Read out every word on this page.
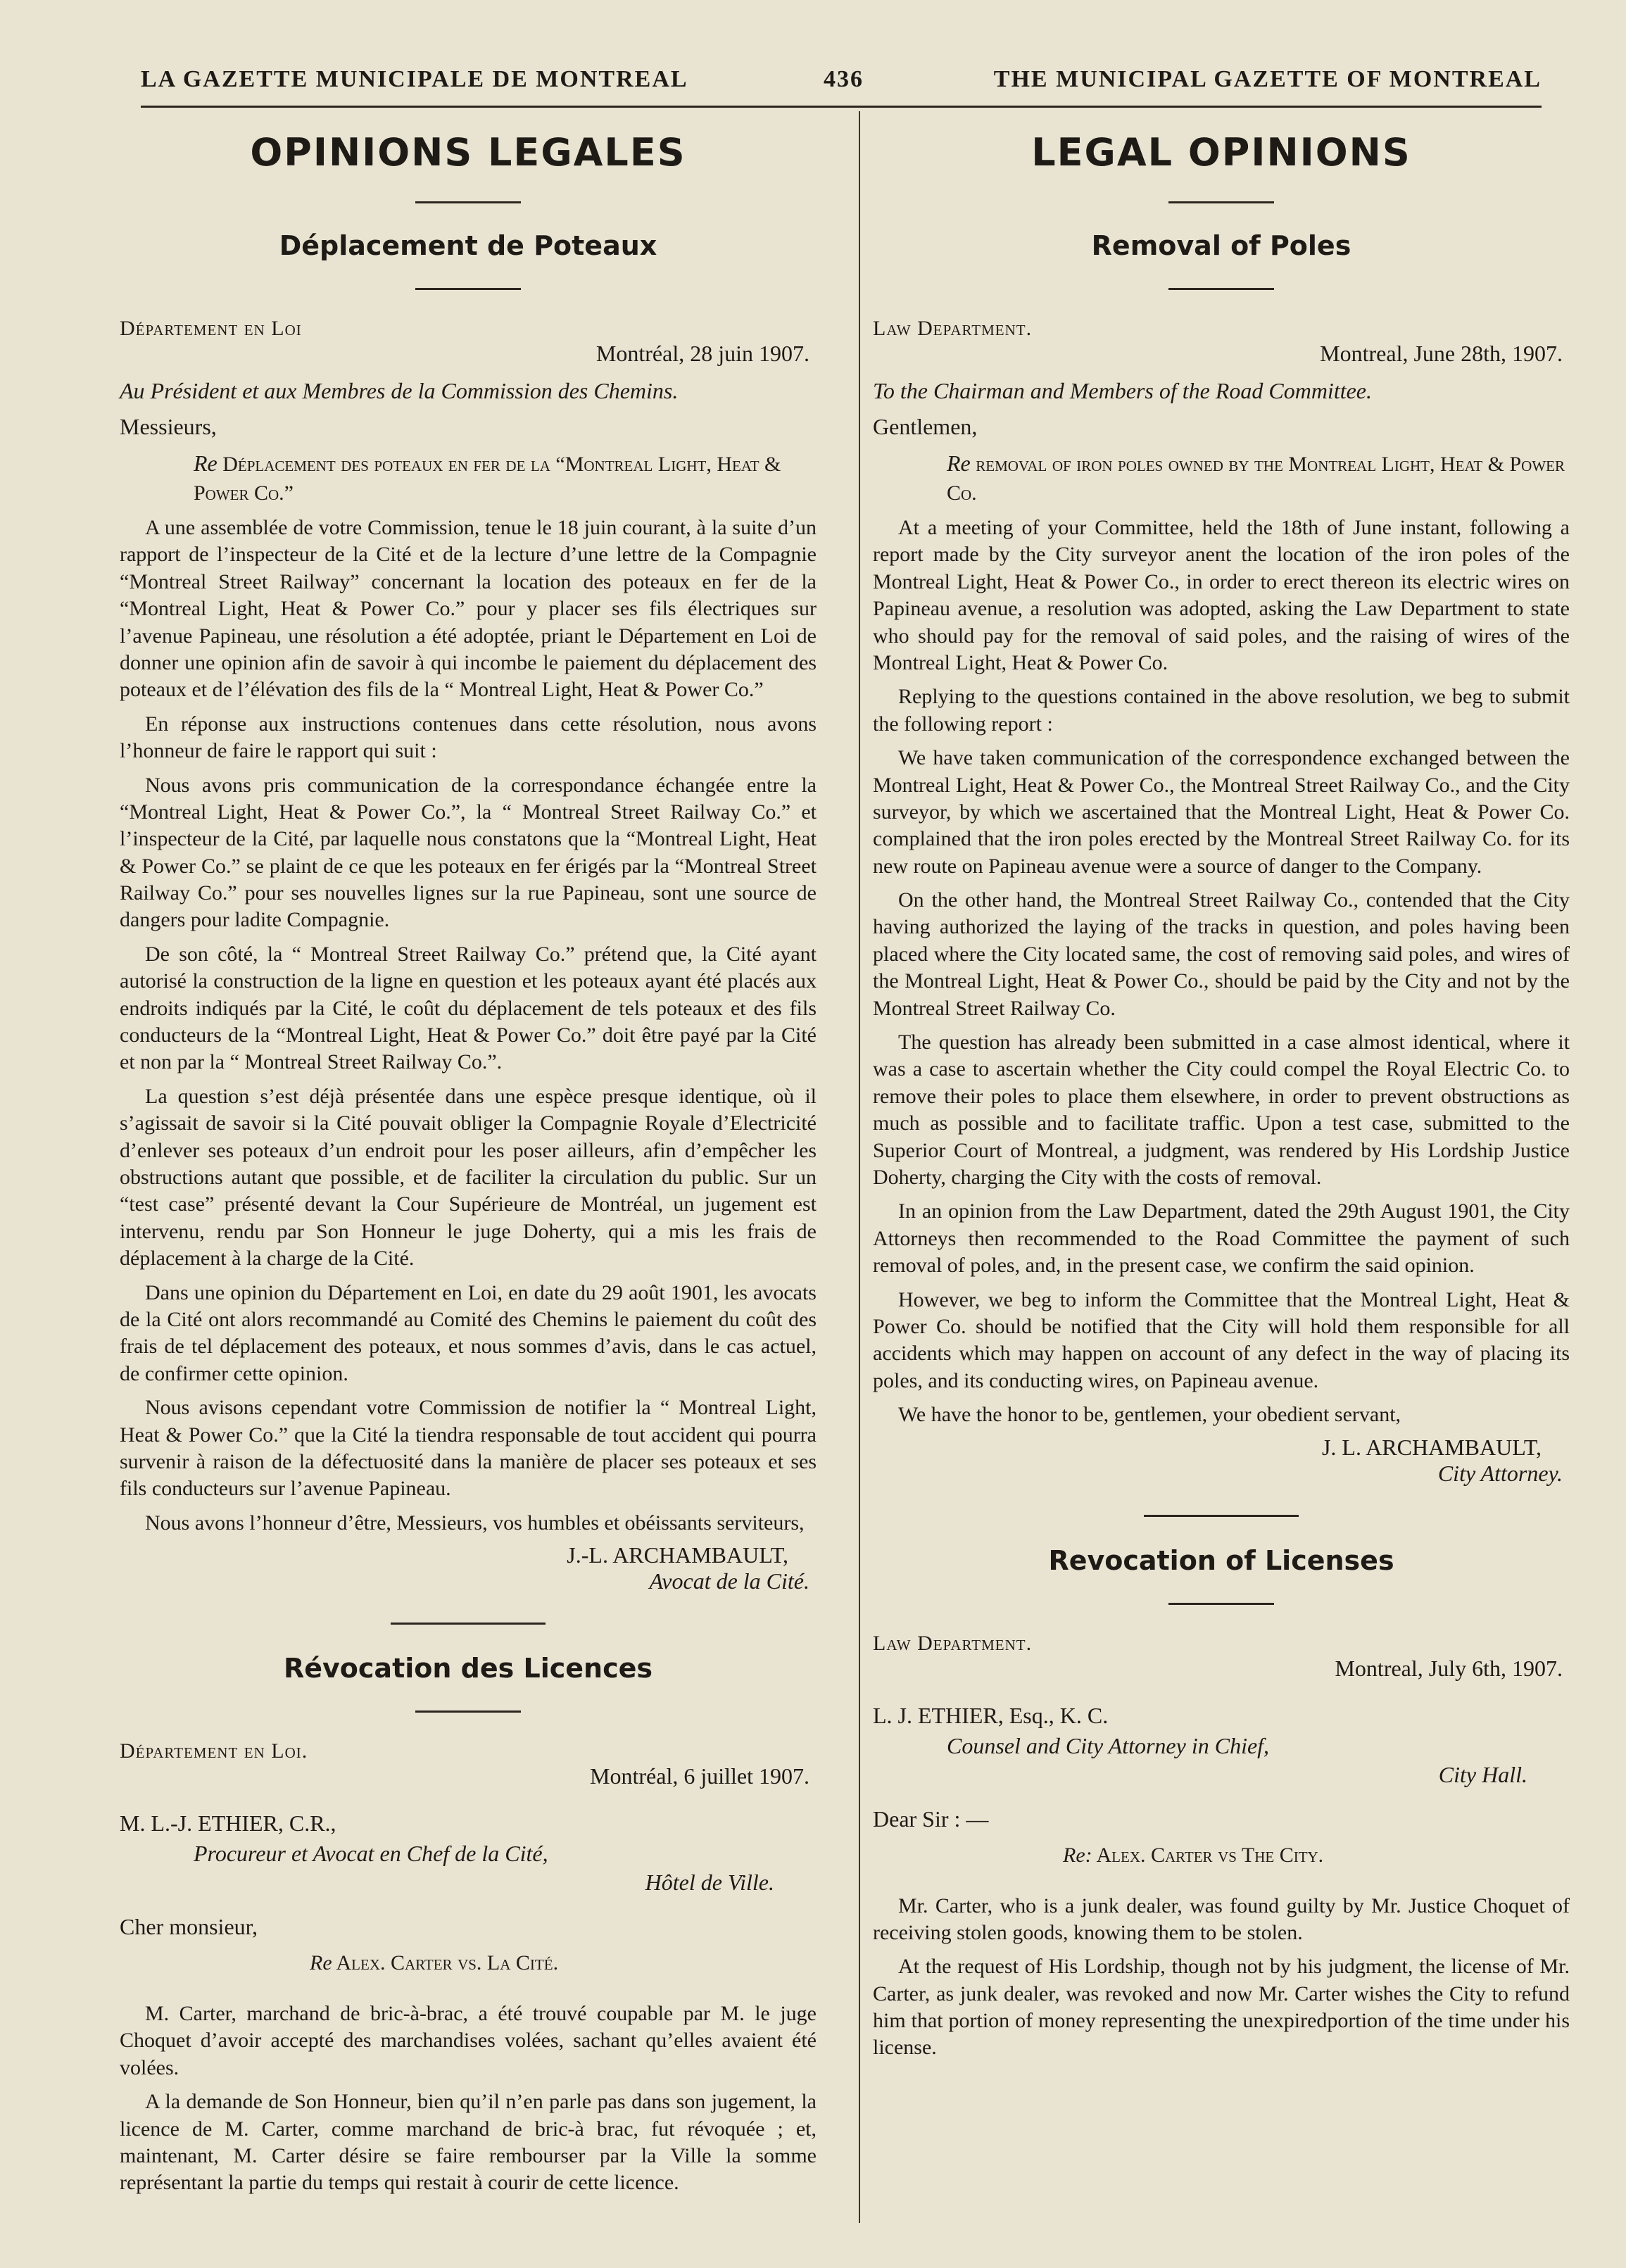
LA GAZETTE MUNICIPALE DE MONTREAL	436	THE MUNICIPAL GAZETTE OF MONTREAL
OPINIONS LEGALES
Déplacement de Poteaux
Département en Loi
Montréal, 28 juin 1907.
Au Président et aux Membres de la Commission des Chemins.
Messieurs,
Re Déplacement des poteaux en fer de la “Montreal Light, Heat & Power Co.”

A une assemblée de votre Commission, tenue le 18 juin courant, à la suite d’un rapport de l’inspecteur de la Cité et de la lecture d’une lettre de la Compagnie “Montreal Street Railway” concernant la location des poteaux en fer de la “Montreal Light, Heat & Power Co.” pour y placer ses fils électriques sur l’avenue Papineau, une résolution a été adoptée, priant le Département en Loi de donner une opinion afin de savoir à qui incombe le paiement du déplacement des poteaux et de l’élévation des fils de la “ Montreal Light, Heat & Power Co.”

En réponse aux instructions contenues dans cette résolution, nous avons l’honneur de faire le rapport qui suit :

Nous avons pris communication de la correspondance échangée entre la “Montreal Light, Heat & Power Co.”, la “ Montreal Street Railway Co.” et l’inspecteur de la Cité, par laquelle nous constatons que la “Montreal Light, Heat & Power Co.” se plaint de ce que les poteaux en fer érigés par la “Montreal Street Railway Co.” pour ses nouvelles lignes sur la rue Papineau, sont une source de dangers pour ladite Compagnie.

De son côté, la “ Montreal Street Railway Co.” prétend que, la Cité ayant autorisé la construction de la ligne en question et les poteaux ayant été placés aux endroits indiqués par la Cité, le coût du déplacement de tels poteaux et des fils conducteurs de la “Montreal Light, Heat & Power Co.” doit être payé par la Cité et non par la “ Montreal Street Railway Co.”.

La question s’est déjà présentée dans une espèce presque identique, où il s’agissait de savoir si la Cité pouvait obliger la Compagnie Royale d’Electricité d’enlever ses poteaux d’un endroit pour les poser ailleurs, afin d’empêcher les obstructions autant que possible, et de faciliter la circulation du public. Sur un “test case” présenté devant la Cour Supérieure de Montréal, un jugement est intervenu, rendu par Son Honneur le juge Doherty, qui a mis les frais de déplacement à la charge de la Cité.

Dans une opinion du Département en Loi, en date du 29 août 1901, les avocats de la Cité ont alors recommandé au Comité des Chemins le paiement du coût des frais de tel déplacement des poteaux, et nous sommes d’avis, dans le cas actuel, de confirmer cette opinion.

Nous avisons cependant votre Commission de notifier la “ Montreal Light, Heat & Power Co.” que la Cité la tiendra responsable de tout accident qui pourra survenir à raison de la défectuosité dans la manière de placer ses poteaux et ses fils conducteurs sur l’avenue Papineau.

Nous avons l’honneur d’être, Messieurs, vos humbles et obéissants serviteurs,

J.-L. ARCHAMBAULT,
Avocat de la Cité.
Révocation des Licences
Département en Loi.
Montréal, 6 juillet 1907.
M. L.-J. ETHIER, C.R.,
Procureur et Avocat en Chef de la Cité,
Hôtel de Ville.
Cher monsieur,
Re Alex. Carter vs. La Cité.

M. Carter, marchand de bric-à-brac, a été trouvé coupable par M. le juge Choquet d’avoir accepté des marchandises volées, sachant qu’elles avaient été volées.

A la demande de Son Honneur, bien qu’il n’en parle pas dans son jugement, la licence de M. Carter, comme marchand de bric-à brac, fut révoquée ; et, maintenant, M. Carter désire se faire rembourser par la Ville la somme représentant la partie du temps qui restait à courir de cette licence.

LEGAL OPINIONS
Removal of Poles
Law Department.
Montreal, June 28th, 1907.
To the Chairman and Members of the Road Committee.
Gentlemen,
Re removal of iron poles owned by the Montreal Light, Heat & Power Co.

At a meeting of your Committee, held the 18th of June instant, following a report made by the City surveyor anent the location of the iron poles of the Montreal Light, Heat & Power Co., in order to erect thereon its electric wires on Papineau avenue, a resolution was adopted, asking the Law Department to state who should pay for the removal of said poles, and the raising of wires of the Montreal Light, Heat & Power Co.

Replying to the questions contained in the above resolution, we beg to submit the following report :

We have taken communication of the correspondence exchanged between the Montreal Light, Heat & Power Co., the Montreal Street Railway Co., and the City surveyor, by which we ascertained that the Montreal Light, Heat & Power Co. complained that the iron poles erected by the Montreal Street Railway Co. for its new route on Papineau avenue were a source of danger to the Company.

On the other hand, the Montreal Street Railway Co., contended that the City having authorized the laying of the tracks in question, and poles having been placed where the City located same, the cost of removing said poles, and wires of the Montreal Light, Heat & Power Co., should be paid by the City and not by the Montreal Street Railway Co.

The question has already been submitted in a case almost identical, where it was a case to ascertain whether the City could compel the Royal Electric Co. to remove their poles to place them elsewhere, in order to prevent obstructions as much as possible and to facilitate traffic. Upon a test case, submitted to the Superior Court of Montreal, a judgment, was rendered by His Lordship Justice Doherty, charging the City with the costs of removal.

In an opinion from the Law Department, dated the 29th August 1901, the City Attorneys then recommended to the Road Committee the payment of such removal of poles, and, in the present case, we confirm the said opinion.

However, we beg to inform the Committee that the Montreal Light, Heat & Power Co. should be notified that the City will hold them responsible for all accidents which may happen on account of any defect in the way of placing its poles, and its conducting wires, on Papineau avenue.

We have the honor to be, gentlemen, your obedient servant,

J. L. ARCHAMBAULT,
City Attorney.
Revocation of Licenses
Law Department.
Montreal, July 6th, 1907.
L. J. ETHIER, Esq., K. C.
Counsel and City Attorney in Chief,
City Hall.
Dear Sir : —
Re: Alex. Carter vs The City.

Mr. Carter, who is a junk dealer, was found guilty by Mr. Justice Choquet of receiving stolen goods, knowing them to be stolen.

At the request of His Lordship, though not by his judgment, the license of Mr. Carter, as junk dealer, was revoked and now Mr. Carter wishes the City to refund him that portion of money representing the unexpiredportion of the time under his license.
